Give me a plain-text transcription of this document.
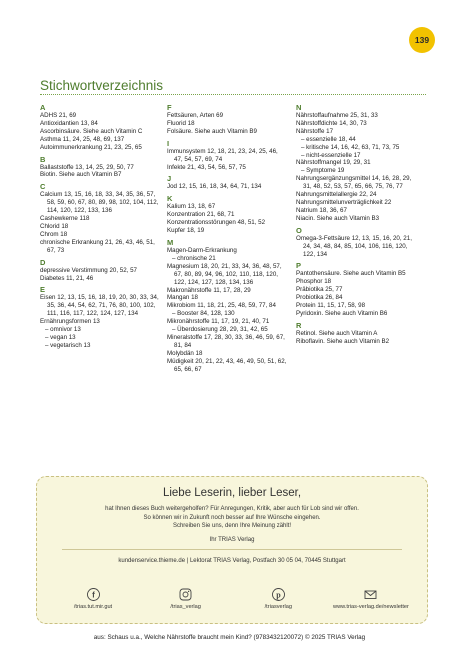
139
Stichwortverzeichnis
A
ADHS 21, 69
Antioxidantien 13, 84
Ascorbinsäure. Siehe auch Vitamin C
Asthma 11, 24, 25, 48, 69, 137
Autoimmunerkrankung 21, 23, 25, 65
B
Ballaststoffe 13, 14, 25, 29, 50, 77
Biotin. Siehe auch Vitamin B7
C
Calcium 13, 15, 16, 18, 33, 34, 35, 36, 57, 58, 59, 60, 67, 80, 89, 98, 102, 104, 112, 114, 120, 122, 133, 136
Cashewkerne 118
Chlorid 18
Chrom 18
chronische Erkrankung 21, 26, 43, 46, 51, 67, 73
D
depressive Verstimmung 20, 52, 57
Diabetes 11, 21, 46
E
Eisen 12, 13, 15, 16, 18, 19, 20, 30, 33, 34, 35, 36, 44, 54, 62, 71, 76, 80, 100, 102, 111, 116, 117, 122, 124, 127, 134
Ernährungsformen 13
– omnivor 13
– vegan 13
– vegetarisch 13
F
Fettsäuren, Arten 69
Fluorid 18
Folsäure. Siehe auch Vitamin B9
I
Immunsystem 12, 18, 21, 23, 24, 25, 46, 47, 54, 57, 69, 74
Infekte 21, 43, 54, 56, 57, 75
J
Jod 12, 15, 16, 18, 34, 64, 71, 134
K
Kalium 13, 18, 67
Konzentration 21, 68, 71
Konzentrationsstörungen 48, 51, 52
Kupfer 18, 19
M
Magen-Darm-Erkrankung
– chronische 21
Magnesium 18, 20, 21, 33, 34, 36, 48, 57, 67, 80, 89, 94, 96, 102, 110, 118, 120, 122, 124, 127, 128, 134, 136
Makronährstoffe 11, 17, 28, 29
Mangan 18
Mikrobiom 11, 18, 21, 25, 48, 59, 77, 84
– Booster 84, 128, 130
Mikronährstoffe 11, 17, 19, 21, 40, 71
– Überdosierung 28, 29, 31, 42, 65
Mineralstoffe 17, 28, 30, 33, 36, 46, 59, 67, 81, 84
Molybdän 18
Müdigkeit 20, 21, 22, 43, 46, 49, 50, 51, 62, 65, 66, 67
N
Nährstoffaufnahme 25, 31, 33
Nährstoffdichte 14, 30, 73
Nährstoffe 17
– essenzielle 18, 44
– kritische 14, 16, 42, 63, 71, 73, 75
– nicht-essenzielle 17
Nährstoffmangel 19, 29, 31
– Symptome 19
Nahrungsergänzungsmittel 14, 16, 28, 29, 31, 48, 52, 53, 57, 65, 66, 75, 76, 77
Nahrungsmittelallergie 22, 24
Nahrungsmittelunverträglichkeit 22
Natrium 18, 36, 67
Niacin. Siehe auch Vitamin B3
O
Omega-3-Fettsäure 12, 13, 15, 16, 20, 21, 24, 34, 48, 84, 85, 104, 106, 116, 120, 122, 134
P
Pantothensäure. Siehe auch Vitamin B5
Phosphor 18
Präbiotika 25, 77
Probiotika 26, 84
Protein 11, 15, 17, 58, 98
Pyridoxin. Siehe auch Vitamin B6
R
Retinol. Siehe auch Vitamin A
Riboflavin. Siehe auch Vitamin B2
Liebe Leserin, lieber Leser,
hat Ihnen dieses Buch weitergeholfen? Für Anregungen, Kritik, aber auch für Lob sind wir offen.
So können wir in Zukunft noch besser auf Ihre Wünsche eingehen.
Schreiben Sie uns, denn Ihre Meinung zählt!
Ihr TRIAS Verlag
kundenservice.thieme.de | Lektorat TRIAS Verlag, Postfach 30 05 04, 70445 Stuttgart
f
/trias.tut.mir.gut	/trias_verlag
p
/triasverlag	www.trias-verlag.de/newsletter
aus: Schaus u.a., Welche Nährstoffe braucht mein Kind? (9783432120072) © 2025 TRIAS Verlag
